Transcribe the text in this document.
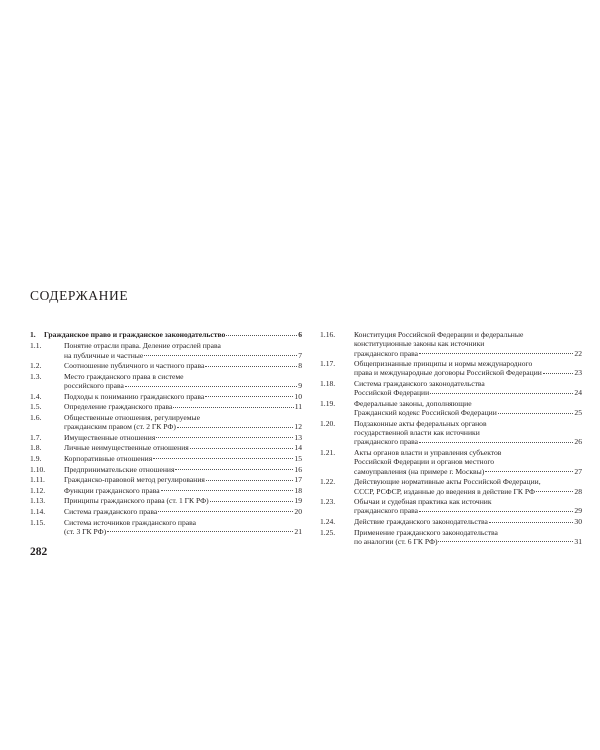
СОДЕРЖАНИЕ
1.	Гражданское право и гражданское законодательство	6
1.1.	Понятие отрасли права. Деление отраслей права
на публичные и частные	7
1.2.	Соотношение публичного и частного права	8
1.3.	Место гражданского права в системе
российского права	9
1.4.	Подходы к пониманию гражданского права	10
1.5.	Определение гражданского права	11
1.6.	Общественные отношения, регулируемые
гражданским правом (ст. 2 ГК РФ)	12
1.7.	Имущественные отношения	13
1.8.	Личные неимущественные отношения	14
1.9.	Корпоративные отношения	15
1.10.	Предпринимательские отношения	16
1.11.	Гражданско-правовой метод регулирования	17
1.12.	Функции гражданского права	18
1.13.	Принципы гражданского права (ст. 1 ГК РФ)	19
1.14.	Система гражданского права	20
1.15.	Система источников гражданского права
(ст. 3 ГК РФ)	21
1.16.	Конституция Российской Федерации и федеральные
конституционные законы как источники
гражданского права	22
1.17.	Общепризнанные принципы и нормы международного
права и международные договоры Российской Федерации	23
1.18.	Система гражданского законодательства
Российской Федерации	24
1.19.	Федеральные законы, дополняющие
Гражданский кодекс Российской Федерации	25
1.20.	Подзаконные акты федеральных органов
государственной власти как источники
гражданского права	26
1.21.	Акты органов власти и управления субъектов
Российской Федерации и органов местного
самоуправления (на примере г. Москвы)	27
1.22.	Действующие нормативные акты Российской Федерации,
СССР, РСФСР, изданные до введения в действие ГК РФ	28
1.23.	Обычаи и судебная практика как источник
гражданского права	29
1.24.	Действие гражданского законодательства	30
1.25.	Применение гражданского законодательства
по аналогии (ст. 6 ГК РФ)	31
282
